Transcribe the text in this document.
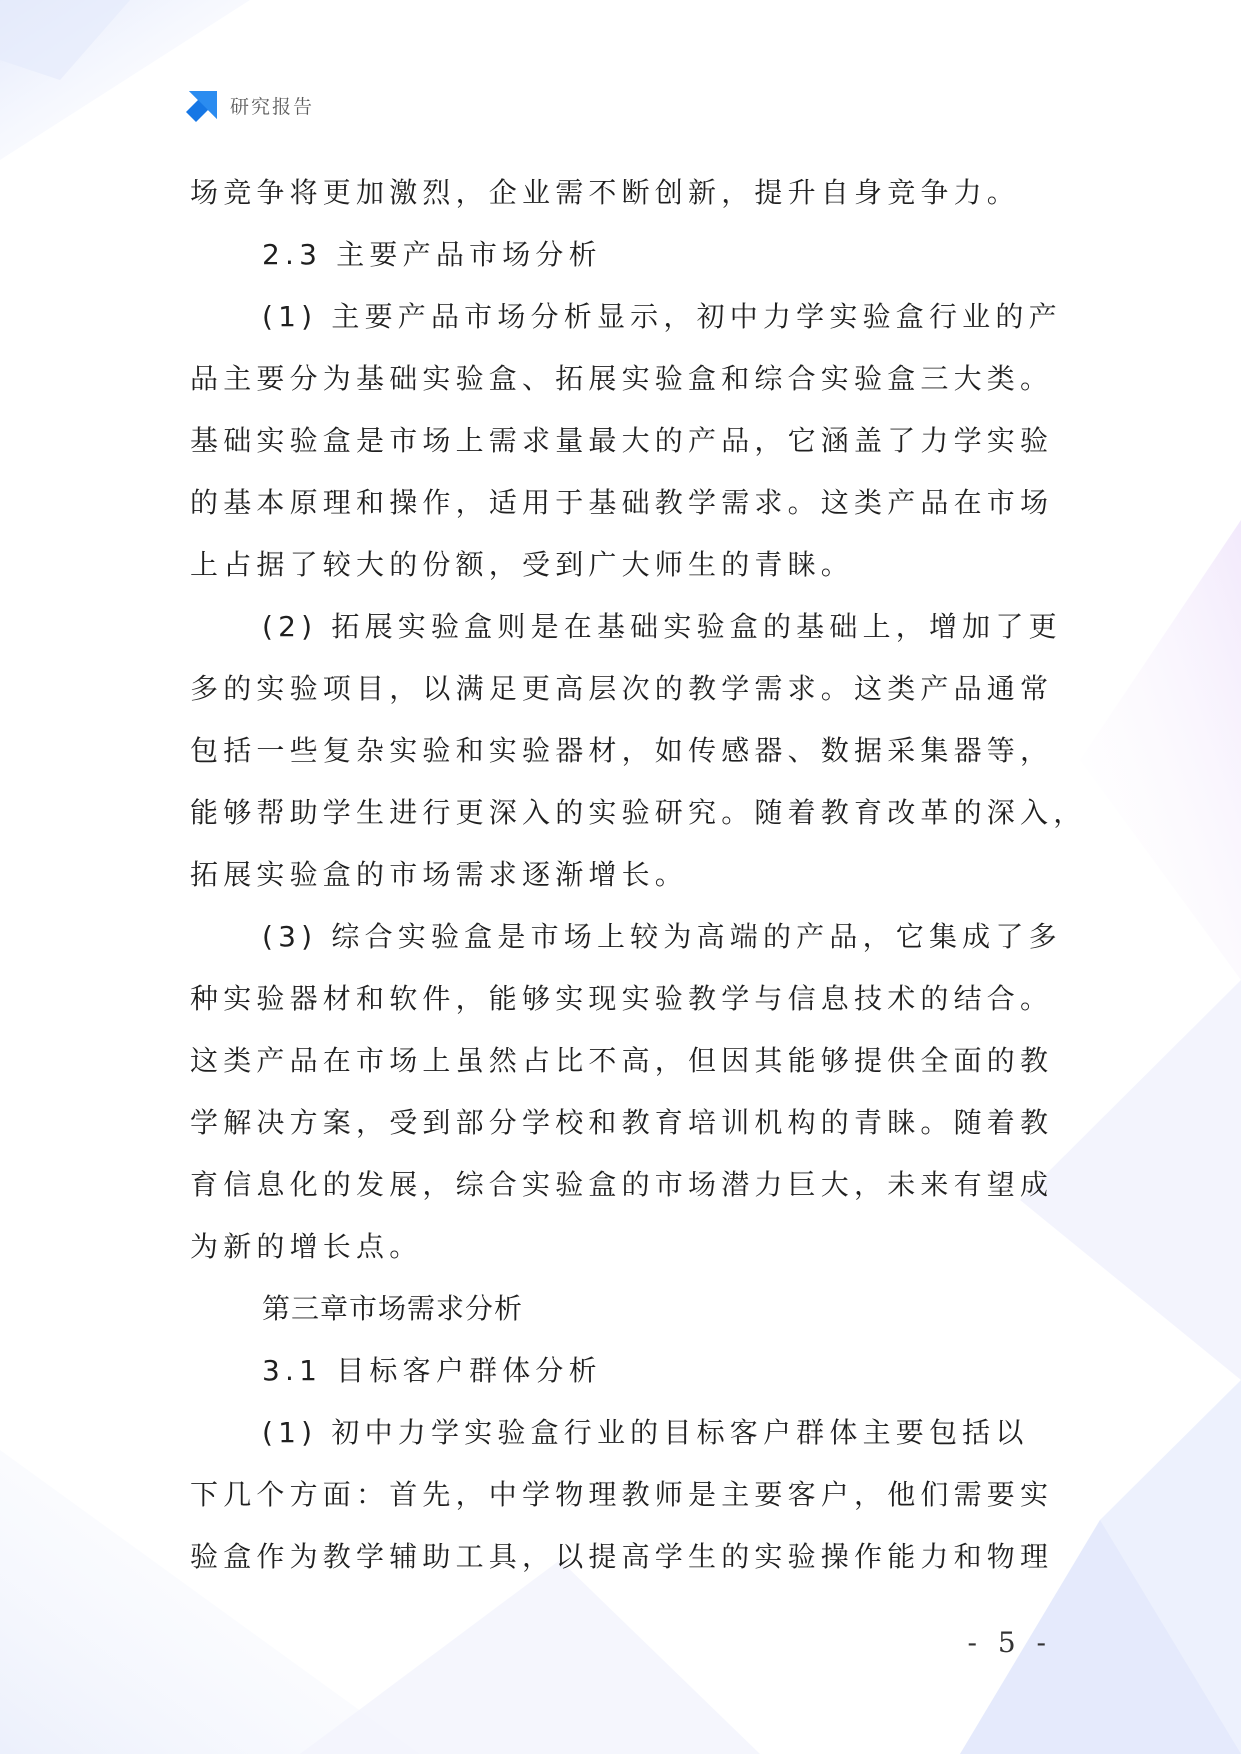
研究报告
场竞争将更加激烈，企业需不断创新，提升自身竞争力。
2.3 主要产品市场分析
(1) 主要产品市场分析显示，初中力学实验盒行业的产
品主要分为基础实验盒、拓展实验盒和综合实验盒三大类。
基础实验盒是市场上需求量最大的产品，它涵盖了力学实验
的基本原理和操作，适用于基础教学需求。这类产品在市场
上占据了较大的份额，受到广大师生的青睐。
(2) 拓展实验盒则是在基础实验盒的基础上，增加了更
多的实验项目，以满足更高层次的教学需求。这类产品通常
包括一些复杂实验和实验器材，如传感器、数据采集器等，
能够帮助学生进行更深入的实验研究。随着教育改革的深入，
拓展实验盒的市场需求逐渐增长。
(3) 综合实验盒是市场上较为高端的产品，它集成了多
种实验器材和软件，能够实现实验教学与信息技术的结合。
这类产品在市场上虽然占比不高，但因其能够提供全面的教
学解决方案，受到部分学校和教育培训机构的青睐。随着教
育信息化的发展，综合实验盒的市场潜力巨大，未来有望成
为新的增长点。
第三章市场需求分析
3.1 目标客户群体分析
(1) 初中力学实验盒行业的目标客户群体主要包括以
下几个方面：首先，中学物理教师是主要客户，他们需要实
验盒作为教学辅助工具，以提高学生的实验操作能力和物理
- 5 -
